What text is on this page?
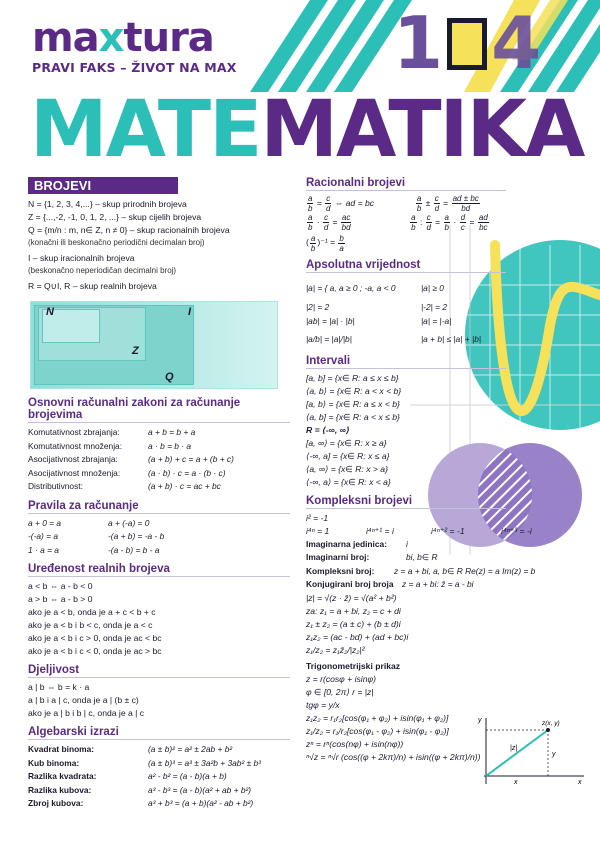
maxtura
PRAVI FAKS – ŽIVOT NA MAX 1 4
MATEMATIKA
BROJEVI
N = {1, 2, 3, 4,...} – skup prirodnih brojeva
Z = {...,-2, -1, 0, 1, 2, ...} – skup cijelih brojeva
Q = {m/n : m, n∈ Z, n ≠ 0} – skup racionalnih brojeva
(konačni ili beskonačno periodični decimalan broj)
I – skup iracionalnih brojeva
(beskonačno neperiodičan decimalni broj)
R = Q∪I, R – skup realnih brojeva
N
Z
Q
I
Osnovni računalni zakoni za računanje brojevima
Komutativnost zbrajanja:	a + b = b + a
Komutativnost množenja:	a · b = b · a
Asocijativnost zbrajanja:	(a + b) + c = a + (b + c)
Asocijativnost množenja:	(a · b) · c = a · (b · c)
Distributivnost:	(a + b) · c = ac + bc
Pravila za računanje
a + 0 = a	a + (-a) = 0
-(-a) = a	-(a + b) = -a - b
1 · a = a	-(a - b) = b - a
Uređenost realnih brojeva
a < b ⇔ a - b < 0
a > b ⇔ a - b > 0
ako je a < b, onda je a + c < b + c
ako je a < b i b < c, onda je a < c
ako je a < b i c > 0, onda je ac < bc
ako je a < b i c < 0, onda je ac > bc
Djeljivost
a | b ⇔ b = k · a
a | b i a | c, onda je a | (b ± c)
ako je a | b i b | c, onda je a | c
Algebarski izrazi
Kvadrat binoma:	(a ± b)² = a² ± 2ab + b²
Kub binoma:	(a ± b)³ = a³ ± 3a²b + 3ab² ± b³
Razlika kvadrata:	a² - b² = (a - b)(a + b)
Razlika kubova:	a³ - b³ = (a - b)(a² + ab + b²)
Zbroj kubova:	a³ + b³ = (a + b)(a² - ab + b²)
Racionalni brojevi
$\frac{a}{b} = \frac{c}{d}$ ⇔ ad = bc	$\frac{a}{b} \pm \frac{c}{d} = \frac{ad \pm bc}{bd}$
$\frac{a}{b} \cdot \frac{c}{d} = \frac{ac}{bd}$
	$\frac{a}{b}$ : $\frac{c}{d} = \frac{a}{b} \cdot \frac{d}{c} = \frac{ad}{bc}$
( $\frac{a}{b} )^{-1} = \frac{b}{a}$
Apsolutna vrijednost
|a| = { a, a ≥ 0 ; -a, a < 0	|a| ≥ 0
|2| = 2	|-2| = 2
|ab| = |a| · |b|	|a| = |-a|
|a/b| = |a|/|b|	|a + b| ≤ |a| + |b|
Intervali
[a, b] = {x∈ R: a ≤ x ≤ b}
⟨a, b⟩ = {x∈ R: a < x < b}
[a, b⟩ = {x∈ R: a ≤ x < b}
⟨a, b] = {x∈ R: a < x ≤ b}
R = ⟨-∞, ∞⟩
[a, ∞⟩ = {x∈ R: x ≥ a}
⟨-∞, a] = {x∈ R: x ≤ a}
⟨a, ∞⟩ = {x∈ R: x > a}
⟨-∞, a⟩ = {x∈ R: x < a}
Kompleksni brojevi
i² = -1
i⁴ⁿ = 1	i⁴ⁿ⁺¹ = i	i⁴ⁿ⁺² = -1	i⁴ⁿ⁺³ = -i
Imaginarna jedinica:	i
Imaginarni broj:	bi, b∈ R
Kompleksni broj:	z = a + bi, a, b∈ R Re(z) = a Im(z) = b
Konjugirani broj broja	z = a + bi: z̄ = a - bi
|z| = √(z · z̄) = √(a² + b²)
za: z₁ = a + bi, z₂ = c + di
z₁ ± z₂ = (a ± c) + (b ± d)i
z₁z₂ = (ac - bd) + (ad + bc)i
z₁/z₂ = z₁z̄₂/|z₂|²
Trigonometrijski prikaz
z = r(cosφ + isinφ)
φ ∈ [0, 2π⟩ r = |z|
tgφ = y/x
z₁z₂ = r₁r₂[cos(φ₁ + φ₂) + isin(φ₁ + φ₂)]
z₁/z₂ = r₁/r₂[cos(φ₁ - φ₂) + isin(φ₁ - φ₂)]
zⁿ = rⁿ(cos(nφ) + isin(nφ))
ⁿ√z = ⁿ√r (cos((φ + 2kπ)/n) + isin((φ + 2kπ)/n))
y
x
z(x, y)
|z|
x
y
